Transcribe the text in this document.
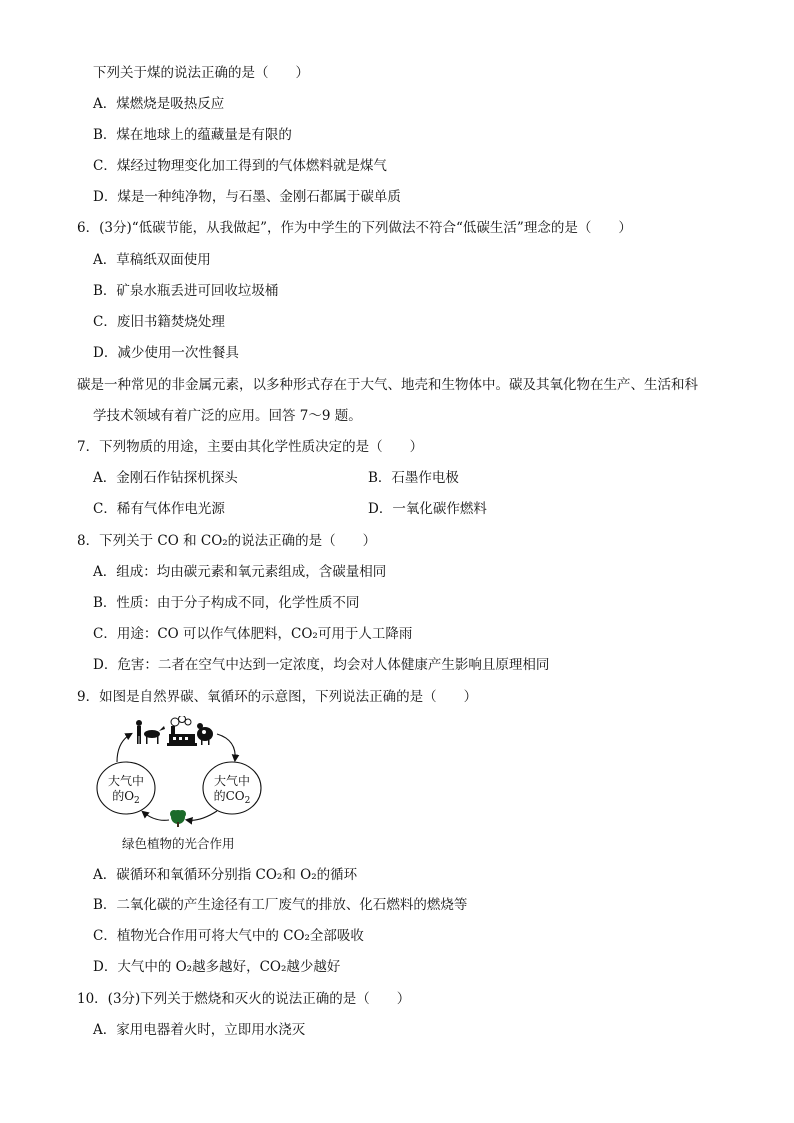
下列关于煤的说法正确的是（　　）
A．煤燃烧是吸热反应
B．煤在地球上的蕴藏量是有限的
C．煤经过物理变化加工得到的气体燃料就是煤气
D．煤是一种纯净物，与石墨、金刚石都属于碳单质
6．(3分)“低碳节能，从我做起”，作为中学生的下列做法不符合“低碳生活”理念的是（　　）
A．草稿纸双面使用
B．矿泉水瓶丢进可回收垃圾桶
C．废旧书籍焚烧处理
D．减少使用一次性餐具
碳是一种常见的非金属元素，以多种形式存在于大气、地壳和生物体中。碳及其氧化物在生产、生活和科
学技术领域有着广泛的应用。回答 7～9 题。
7．下列物质的用途，主要由其化学性质决定的是（　　）
A．金刚石作钻探机探头	B．石墨作电极
C．稀有气体作电光源	D．一氧化碳作燃料
8．下列关于 CO 和 CO₂的说法正确的是（　　）
A．组成：均由碳元素和氧元素组成，含碳量相同
B．性质：由于分子构成不同，化学性质不同
C．用途：CO 可以作气体肥料，CO₂可用于人工降雨
D．危害：二者在空气中达到一定浓度，均会对人体健康产生影响且原理相同
9．如图是自然界碳、氧循环的示意图，下列说法正确的是（　　）
A．碳循环和氧循环分别指 CO₂和 O₂的循环
B．二氧化碳的产生途径有工厂废气的排放、化石燃料的燃烧等
C．植物光合作用可将大气中的 CO₂全部吸收
D．大气中的 O₂越多越好，CO₂越少越好
10．(3分)下列关于燃烧和灭火的说法正确的是（　　）
A．家用电器着火时，立即用水浇灭
大气中
的$O_2$
大气中
的$CO_2$
绿色植物的光合作用
